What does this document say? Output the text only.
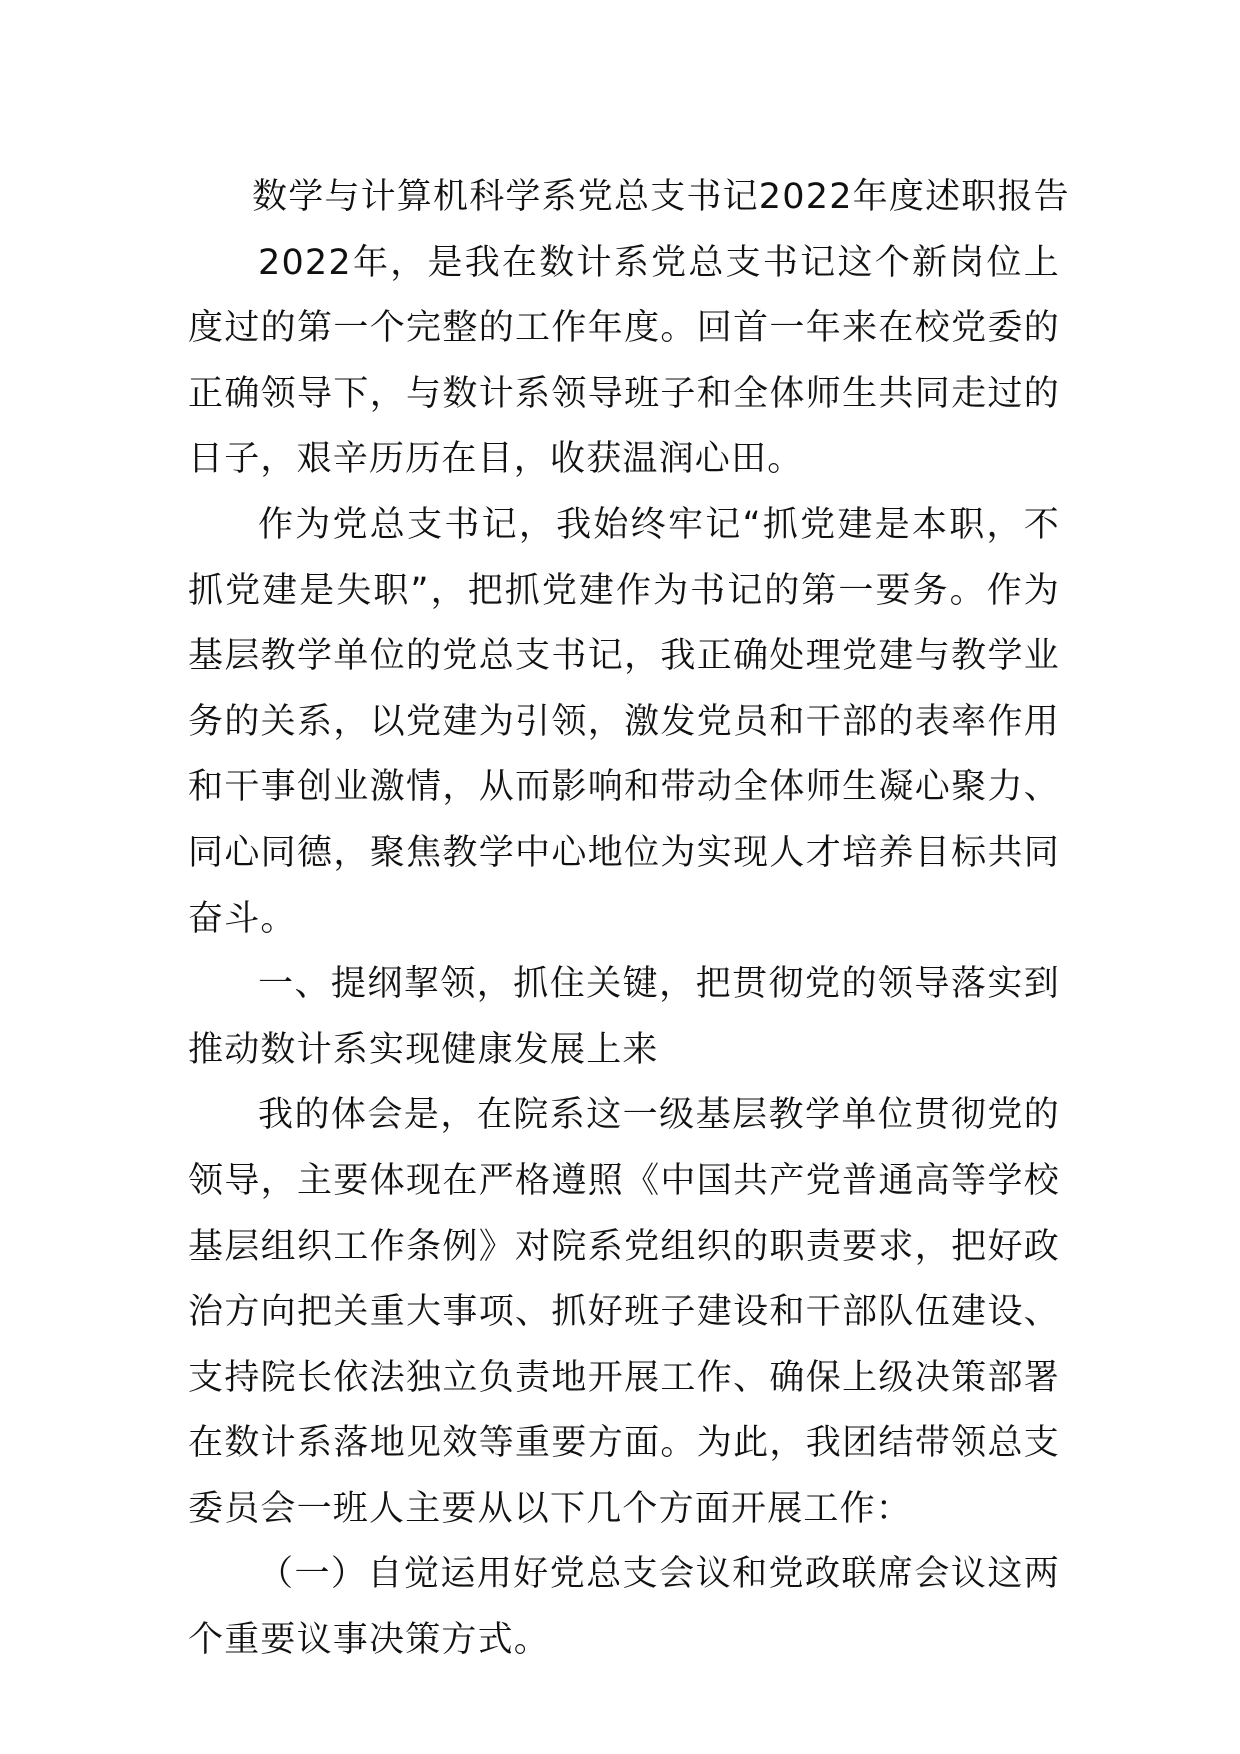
数学与计算机科学系党总支书记2022年度述职报告

2022年，是我在数计系党总支书记这个新岗位上度过的第一个完整的工作年度。回首一年来在校党委的正确领导下，与数计系领导班子和全体师生共同走过的日子，艰辛历历在目，收获温润心田。

作为党总支书记，我始终牢记“抓党建是本职，不抓党建是失职”，把抓党建作为书记的第一要务。作为基层教学单位的党总支书记，我正确处理党建与教学业务的关系，以党建为引领，激发党员和干部的表率作用和干事创业激情，从而影响和带动全体师生凝心聚力、同心同德，聚焦教学中心地位为实现人才培养目标共同奋斗。

一、提纲挈领，抓住关键，把贯彻党的领导落实到推动数计系实现健康发展上来

我的体会是，在院系这一级基层教学单位贯彻党的领导，主要体现在严格遵照《中国共产党普通高等学校基层组织工作条例》对院系党组织的职责要求，把好政治方向把关重大事项、抓好班子建设和干部队伍建设、支持院长依法独立负责地开展工作、确保上级决策部署在数计系落地见效等重要方面。为此，我团结带领总支委员会一班人主要从以下几个方面开展工作：

（一）自觉运用好党总支会议和党政联席会议这两个重要议事决策方式。
